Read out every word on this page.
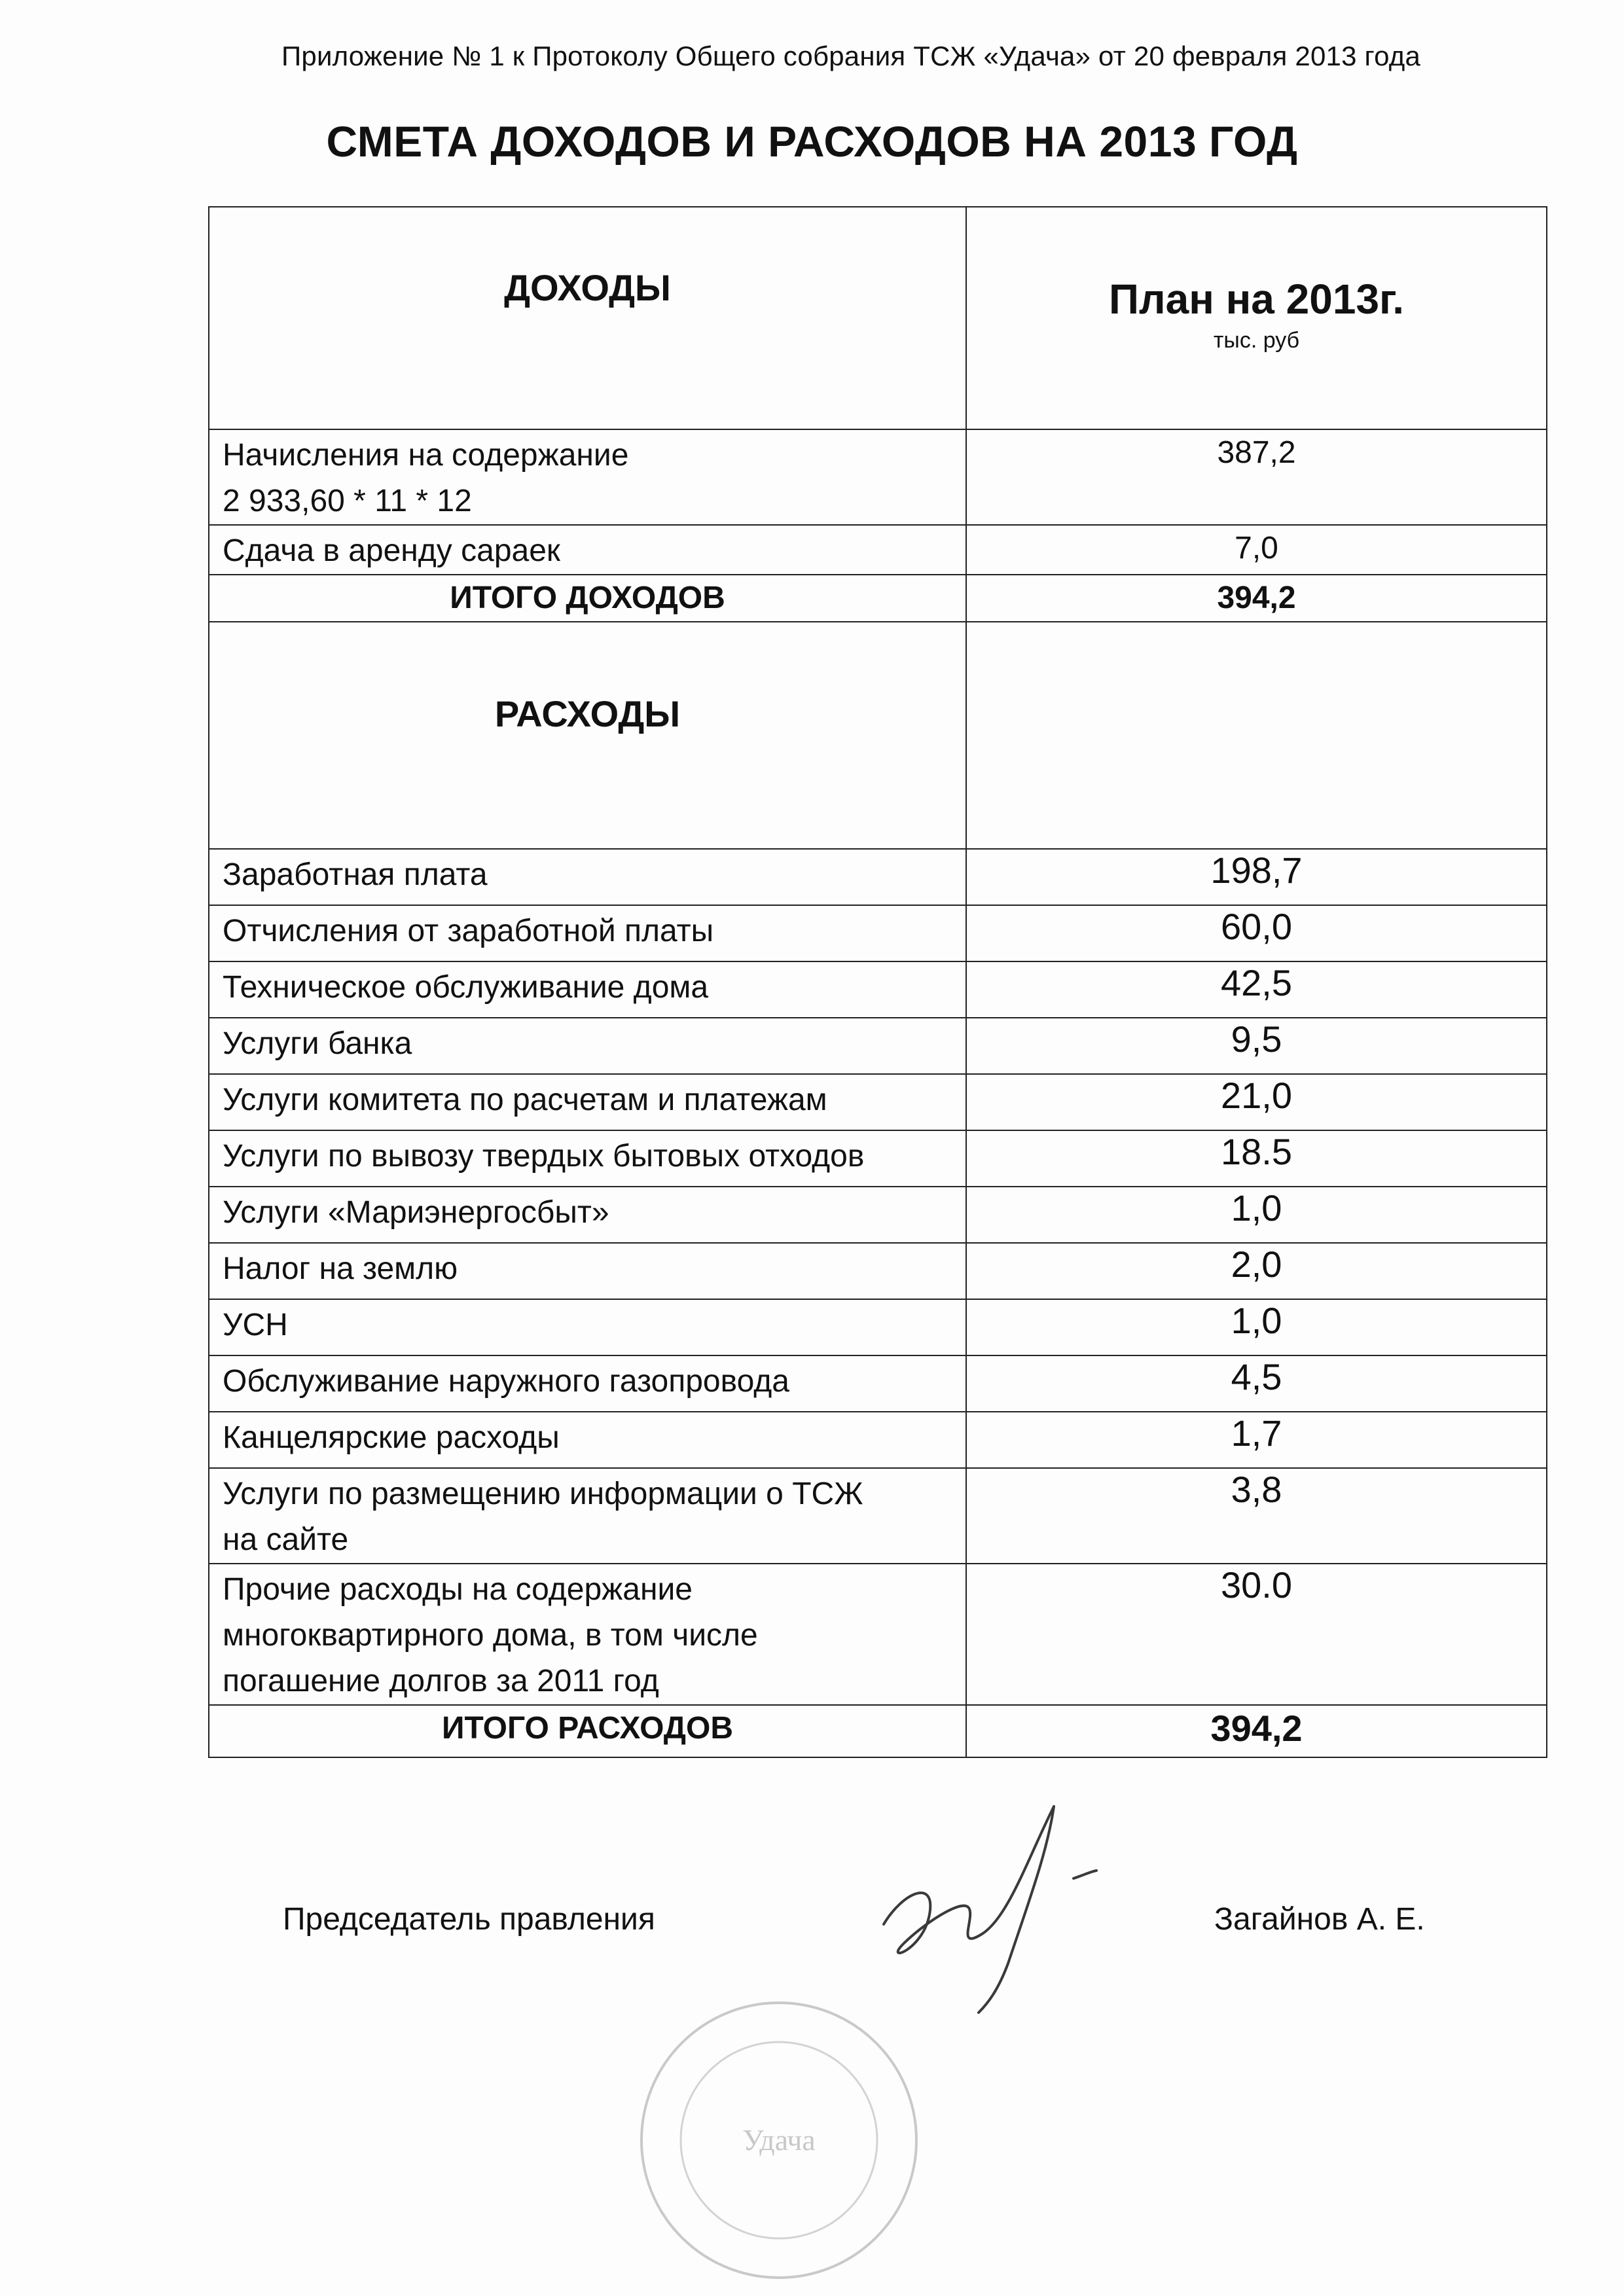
Приложение № 1 к Протоколу Общего собрания ТСЖ «Удача» от 20 февраля 2013 года
СМЕТА ДОХОДОВ И РАСХОДОВ НА 2013 ГОД
ДОХОДЫ	План на 2013г.
тыс. руб

Начисления на содержание
2 933,60 * 11 * 12	387,2
Сдача в аренду сараек	7,0
ИТОГО ДОХОДОВ	394,2
РАСХОДЫ	
Заработная плата	198,7
Отчисления от заработной платы	60,0
Техническое обслуживание дома	42,5
Услуги банка	9,5
Услуги комитета по расчетам и платежам	21,0
Услуги по вывозу твердых бытовых отходов	18.5
Услуги «Мариэнергосбыт»	1,0
Налог на землю	2,0
УСН	1,0
Обслуживание наружного газопровода	4,5
Канцелярские расходы	1,7

Услуги по размещению информации о ТСЖ
на сайте	3,8

Прочие расходы на содержание
многоквартирного дома, в том числе
погашение долгов за 2011 год	30.0
ИТОГО РАСХОДОВ	394,2
Председатель правления	Загайнов А. Е.
Удача
